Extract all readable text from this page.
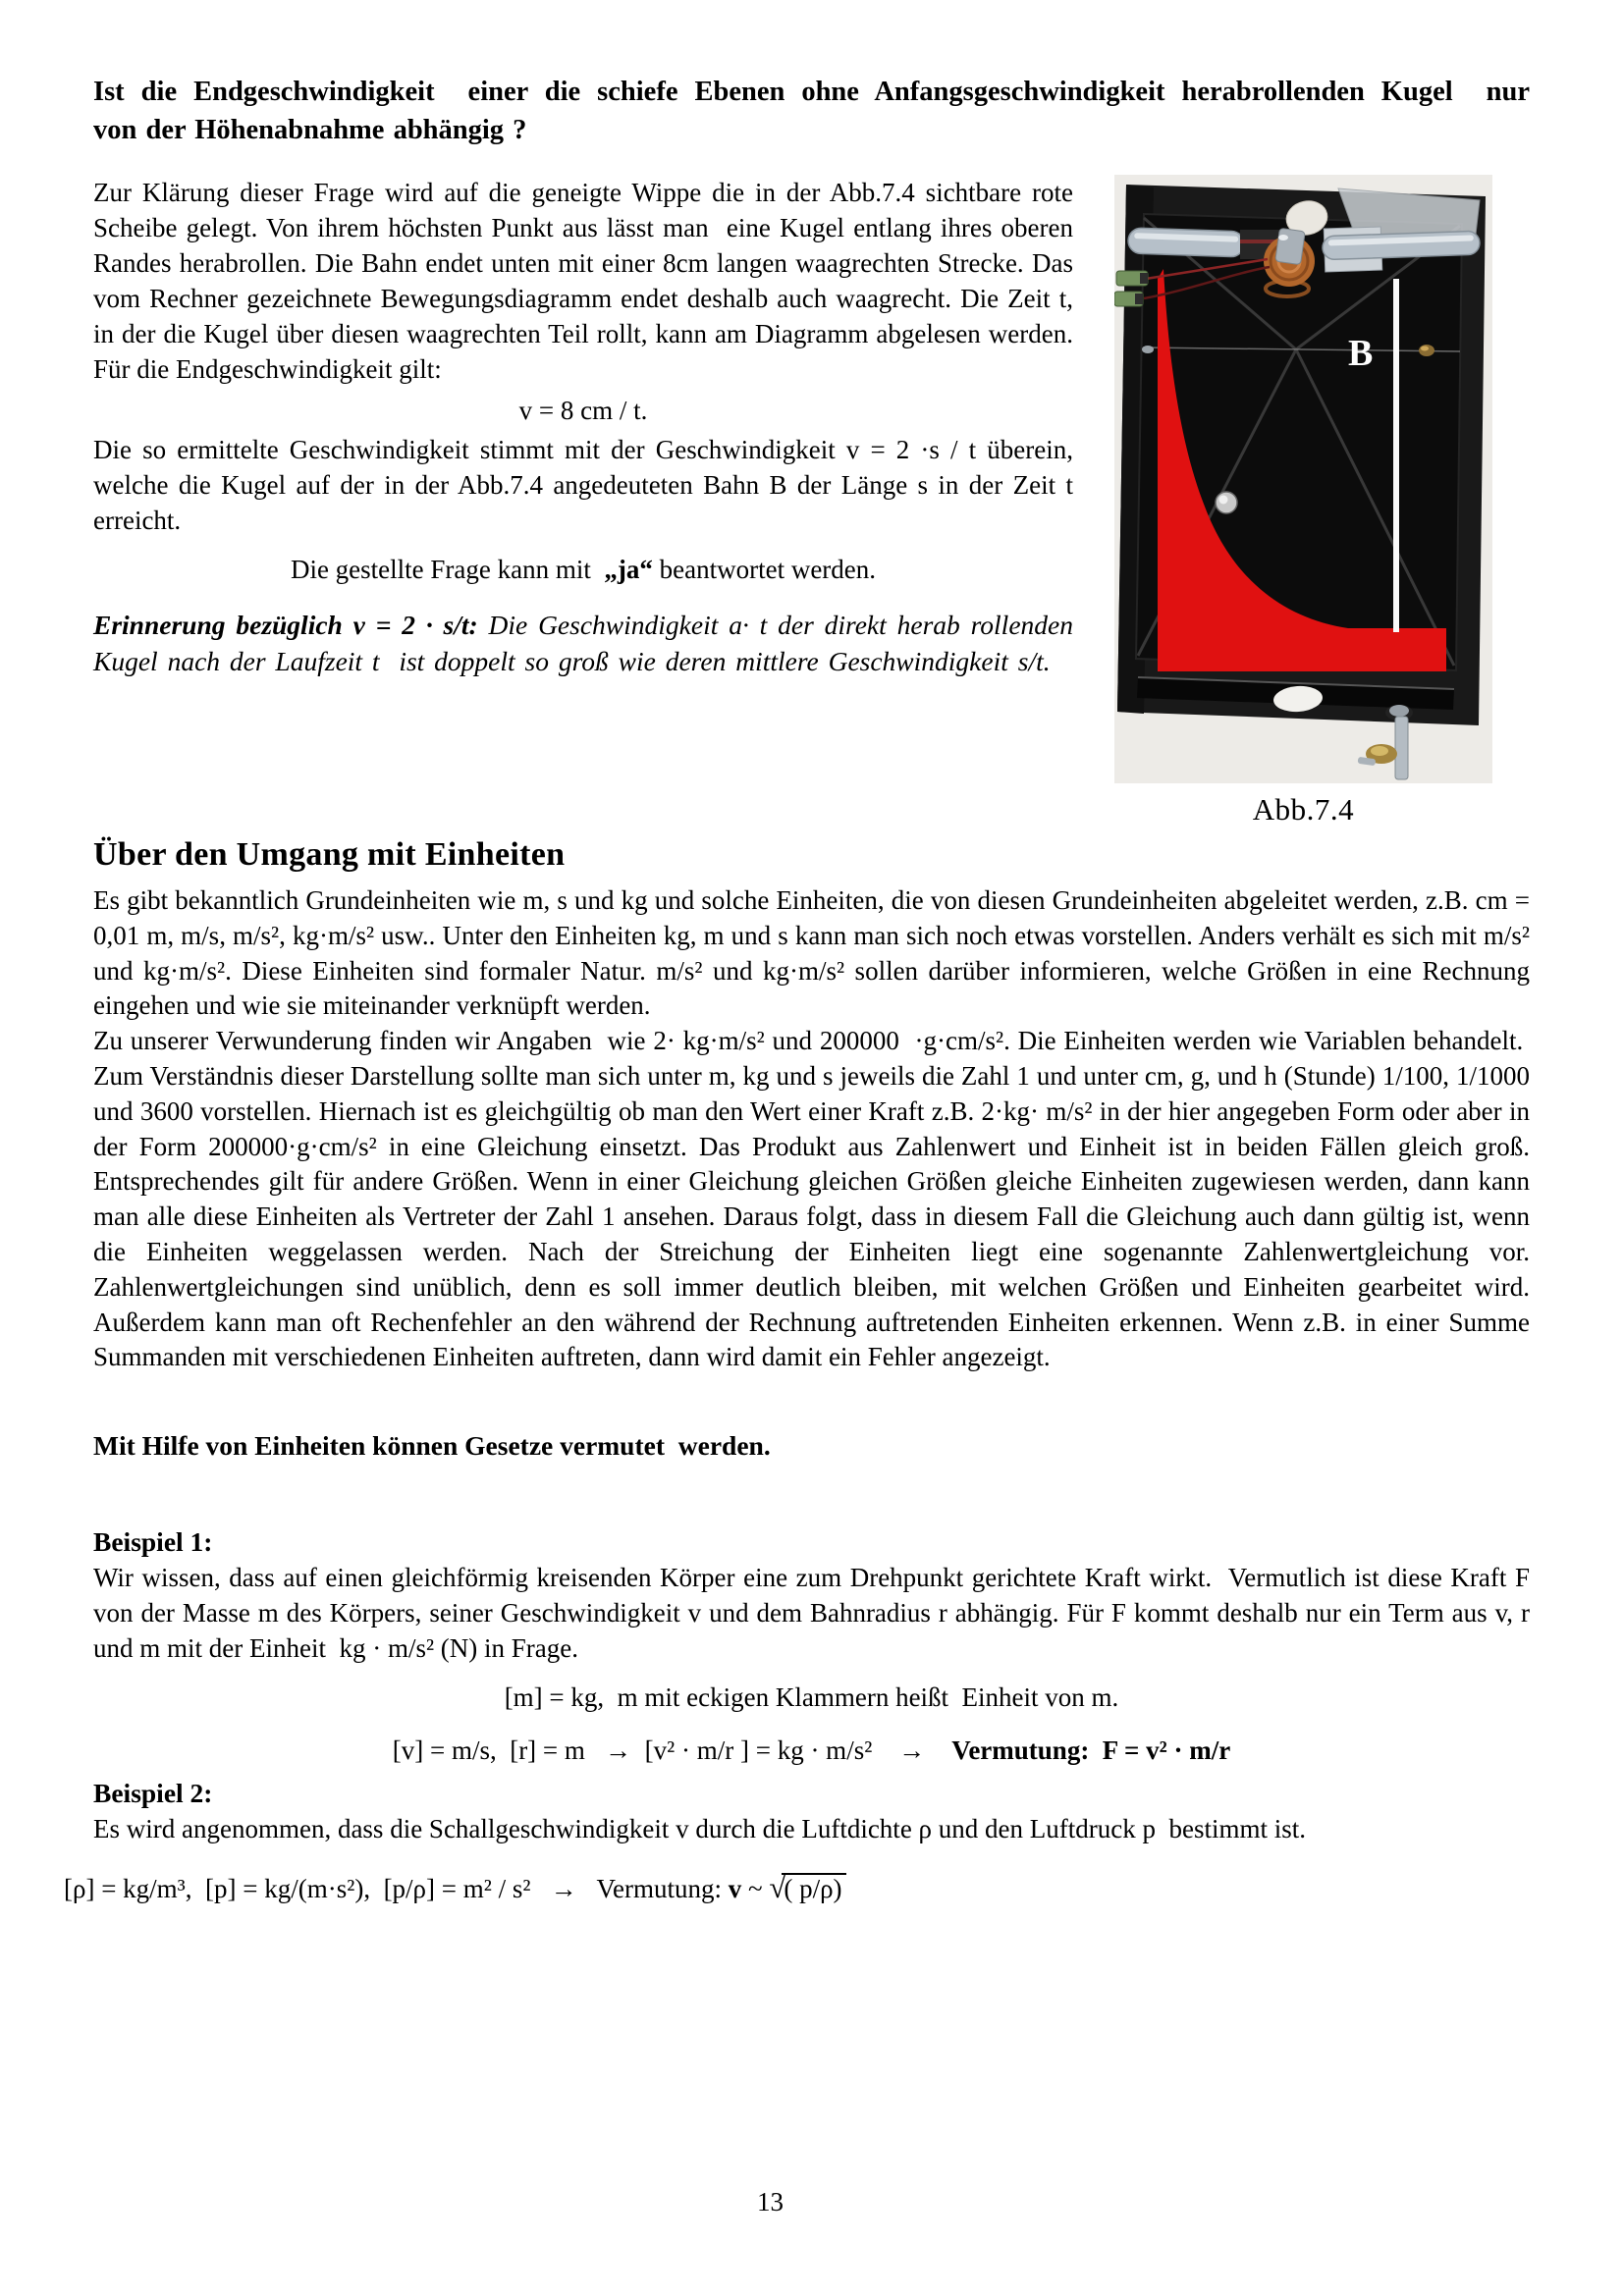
Ist die Endgeschwindigkeit  einer die schiefe Ebenen ohne Anfangsgeschwindigkeit herabrollenden Kugel  nur
von der Höhenabnahme abhängig ?
B
Abb.7.4
Zur Klärung dieser Frage wird auf die geneigte Wippe die in der Abb.7.4 sichtbare rote Scheibe gelegt. Von ihrem höchsten Punkt aus lässt man  eine Kugel entlang ihres oberen Randes herabrollen. Die Bahn endet unten mit einer 8cm langen waagrechten Strecke. Das vom Rechner gezeichnete Bewegungsdiagramm endet deshalb auch waagrecht. Die Zeit t, in der die Kugel über diesen waagrechten Teil rollt, kann am Diagramm abgelesen werden. Für die Endgeschwindigkeit gilt:
v = 8 cm / t.
Die so ermittelte Geschwindigkeit stimmt mit der Geschwindigkeit v = 2 ·s / t überein, welche die Kugel auf der in der Abb.7.4 angedeuteten Bahn B der Länge s in der Zeit t erreicht.
Die gestellte Frage kann mit  „ja“ beantwortet werden.
Erinnerung bezüglich v = 2 · s/t: Die Geschwindigkeit a· t der direkt herab rollenden Kugel nach der Laufzeit t  ist doppelt so groß wie deren mittlere Geschwindigkeit s/t.
Über den Umgang mit Einheiten
Es gibt bekanntlich Grundeinheiten wie m, s und kg und solche Einheiten, die von diesen Grundeinheiten abgeleitet werden, z.B. cm = 0,01 m, m/s, m/s², kg·m/s² usw.. Unter den Einheiten kg, m und s kann man sich noch etwas vorstellen. Anders verhält es sich mit m/s² und kg·m/s². Diese Einheiten sind formaler Natur. m/s² und kg·m/s² sollen darüber informieren, welche Größen in eine Rechnung eingehen und wie sie miteinander verknüpft werden.
Zu unserer Verwunderung finden wir Angaben  wie 2· kg·m/s² und 200000  ·g·cm/s². Die Einheiten werden wie Variablen behandelt.  Zum Verständnis dieser Darstellung sollte man sich unter m, kg und s jeweils die Zahl 1 und unter cm, g, und h (Stunde) 1/100, 1/1000 und 3600 vorstellen. Hiernach ist es gleichgültig ob man den Wert einer Kraft z.B. 2·kg· m/s² in der hier angegeben Form oder aber in der Form 200000·g·cm/s² in eine Gleichung einsetzt. Das Produkt aus Zahlenwert und Einheit ist in beiden Fällen gleich groß. Entsprechendes gilt für andere Größen. Wenn in einer Gleichung gleichen Größen gleiche Einheiten zugewiesen werden, dann kann man alle diese Einheiten als Vertreter der Zahl 1 ansehen. Daraus folgt, dass in diesem Fall die Gleichung auch dann gültig ist, wenn die Einheiten weggelassen werden. Nach der Streichung der Einheiten liegt eine sogenannte Zahlenwertgleichung vor. Zahlenwertgleichungen sind unüblich, denn es soll immer deutlich bleiben, mit welchen Größen und Einheiten gearbeitet wird. Außerdem kann man oft Rechenfehler an den während der Rechnung auftretenden Einheiten erkennen. Wenn z.B. in einer Summe Summanden mit verschiedenen Einheiten auftreten, dann wird damit ein Fehler angezeigt.
Mit Hilfe von Einheiten können Gesetze vermutet  werden.
Beispiel 1:
Wir wissen, dass auf einen gleichförmig kreisenden Körper eine zum Drehpunkt gerichtete Kraft wirkt.  Vermutlich ist diese Kraft F von der Masse m des Körpers, seiner Geschwindigkeit v und dem Bahnradius r abhängig. Für F kommt deshalb nur ein Term aus v, r und m mit der Einheit  kg · m/s² (N) in Frage.
[m] = kg,  m mit eckigen Klammern heißt  Einheit von m.
[v] = m/s,  [r] = m   →  [v² · m/r ] = kg · m/s²    →    Vermutung:  F = v² · m/r
Beispiel 2:
Es wird angenommen, dass die Schallgeschwindigkeit v durch die Luftdichte ρ und den Luftdruck p  bestimmt ist.
[ρ] = kg/m³,  [p] = kg/(m·s²),  [p/ρ] = m² / s²   →   Vermutung: v ~ √( p/ρ)
13
